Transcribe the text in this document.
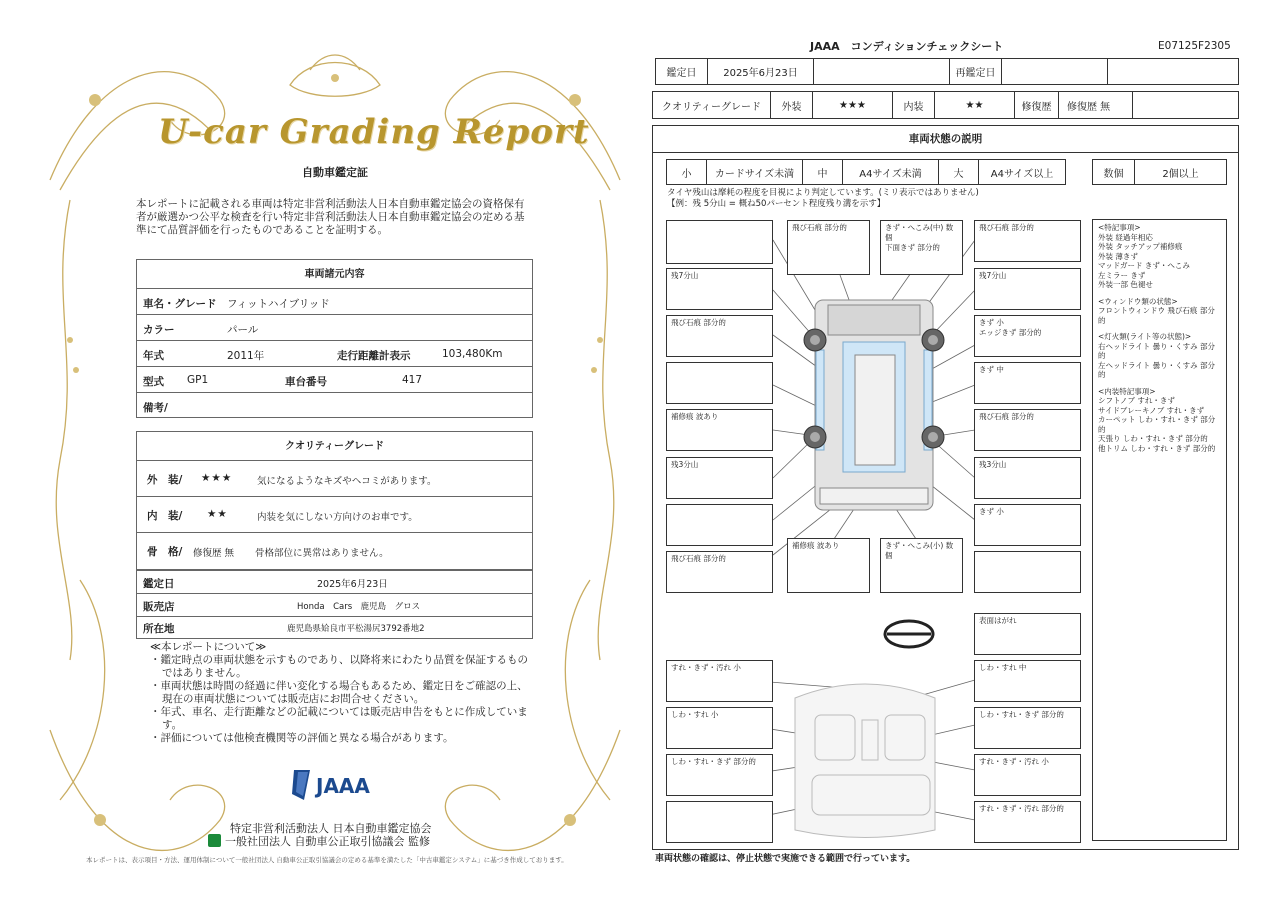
U-car Grading Report
自動車鑑定証
本レポートに記載される車両は特定非営利活動法人日本自動車鑑定協会の資格保有者が厳選かつ公平な検査を行い特定非営利活動法人日本自動車鑑定協会の定める基準にて品質評価を行ったものであることを証明する。
車両諸元内容
車名・グレード フィットハイブリッド
カラー	パール
年式	2011年	走行距離計表示	103,480Km
型式 GP1	車台番号	417
備考/
クオリティーグレード
外　装/ ★★★	気になるようなキズやヘコミがあります。
内　装/ ★★	内装を気にしない方向けのお車です。
骨　格/ 修復歴 無 骨格部位に異常はありません。
鑑定日	2025年6月23日
販売店	Honda　Cars　鹿児島　グロス
所在地	鹿児島県姶良市平松湯尻3792番地2
≪本レポートについて≫
・鑑定時点の車両状態を示すものであり、以降将来にわたり品質を保証するものではありません。
・車両状態は時間の経過に伴い変化する場合もあるため、鑑定日をご確認の上、現在の車両状態については販売店にお問合せください。
・年式、車名、走行距離などの記載については販売店申告をもとに作成しています。
・評価については他検査機関等の評価と異なる場合があります。
JAAA
特定非営利活動法人 日本自動車鑑定協会
一般社団法人 自動車公正取引協議会 監修
本レポートは、表示項目・方法、運用体制について一般社団法人 自動車公正取引協議会の定める基準を満たした「中古車鑑定システム」に基づき作成しております。
JAAA　コンディションチェックシート	E07125F2305
鑑定日	2025年6月23日	再鑑定日
クオリティーグレード	外装	★★★	内装	★★	修復歴	修復歴 無
車両状態の説明
小	カードサイズ未満	中	A4サイズ未満	大	A4サイズ以上	数個	2個以上
タイヤ残山は摩耗の程度を目視により判定しています。(ミリ表示ではありません)
【例：残 5分山 = 概ね50パーセント程度残り溝を示す】
飛び石痕 部分的	きず・へこみ(中) 数個
下面きず 部分的
飛び石痕 部分的
残7分山	残7分山
飛び石痕 部分的	きず 小
エッジきず 部分的
きず 中
補修痕 波あり	飛び石痕 部分的
残3分山	残3分山
きず 小
飛び石痕 部分的
補修痕 波あり	きず・へこみ(小) 数個
表面はがれ
すれ・きず・汚れ 小	しわ・すれ 中
しわ・すれ 小	しわ・すれ・きず 部分的
しわ・すれ・きず 部分的	すれ・きず・汚れ 小
すれ・きず・汚れ 部分的
<特記事項>
外装 経過年相応
外装 タッチアップ補修痕
外装 薄きず
マッドガード きず・へこみ
左ミラー きず
外装一部 色褪せ
<ウィンドウ類の状態>
フロントウィンドウ 飛び石痕 部分的
<灯火類(ライト等の状態)>
右ヘッドライト 曇り・くすみ 部分的
左ヘッドライト 曇り・くすみ 部分的
<内装特記事項>
シフトノブ すれ・きず
サイドブレーキノブ すれ・きず
カーペット しわ・すれ・きず 部分的
天張り しわ・すれ・きず 部分的
他トリム しわ・すれ・きず 部分的
車両状態の確認は、停止状態で実施できる範囲で行っています。
